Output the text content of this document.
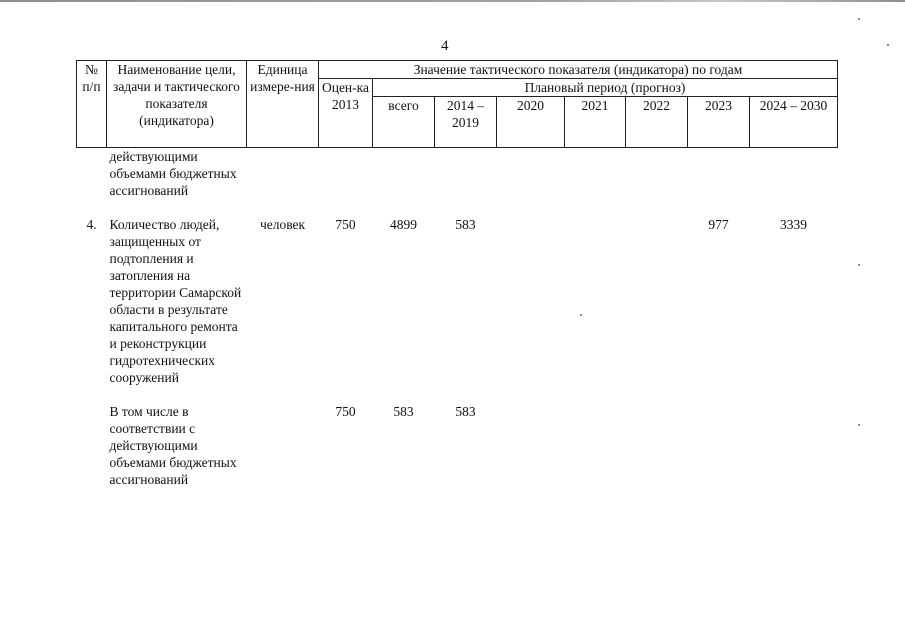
4
№ п/п	Наименование цели, задачи и тактического показателя (индикатора)	Единица измере-ния	Значение тактического показателя (индикатора) по годам							
			Оцен-ка 2013	Плановый период (прогноз)						
				всего	2014 – 2019	2020	2021	2022	2023	2024 – 2030
	действующими объемами бюджетных ассигнований									

4.	Количество людей, защищенных от подтопления и затопления на территории Самарской области в результате капитального ремонта и реконструкции гидротехнических сооружений	человек	750	4899	583				977	3339

	В том числе в соответствии с действующими объемами бюджетных ассигнований		750	583	583					
